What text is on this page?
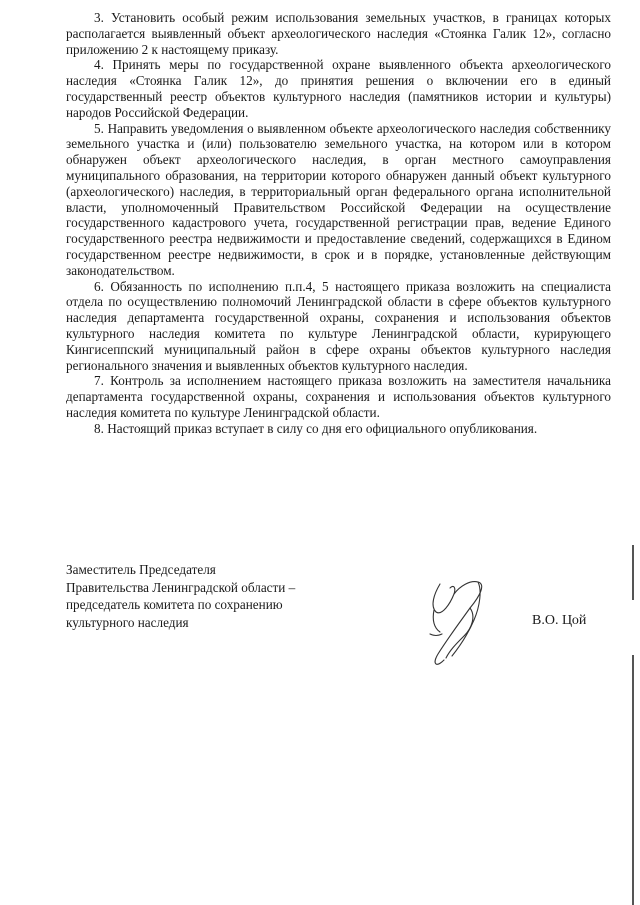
3. Установить особый режим использования земельных участков, в границах которых располагается выявленный объект археологического наследия «Стоянка Галик 12», согласно приложению 2 к настоящему приказу.

4. Принять меры по государственной охране выявленного объекта археологического наследия «Стоянка Галик 12», до принятия решения о включении его в единый государственный реестр объектов культурного наследия (памятников истории и культуры) народов Российской Федерации.

5. Направить уведомления о выявленном объекте археологического наследия собственнику земельного участка и (или) пользователю земельного участка, на котором или в котором обнаружен объект археологического наследия, в орган местного самоуправления муниципального образования, на территории которого обнаружен данный объект культурного (археологического) наследия, в территориальный орган федерального органа исполнительной власти, уполномоченный Правительством Российской Федерации на осуществление государственного кадастрового учета, государственной регистрации прав, ведение Единого государственного реестра недвижимости и предоставление сведений, содержащихся в Едином государственном реестре недвижимости, в срок и в порядке, установленные действующим законодательством.

6. Обязанность по исполнению п.п.4, 5 настоящего приказа возложить на специалиста отдела по осуществлению полномочий Ленинградской области в сфере объектов культурного наследия департамента государственной охраны, сохранения и использования объектов культурного наследия комитета по культуре Ленинградской области, курирующего Кингисеппский муниципальный район в сфере охраны объектов культурного наследия регионального значения и выявленных объектов культурного наследия.

7. Контроль за исполнением настоящего приказа возложить на заместителя начальника департамента государственной охраны, сохранения и использования объектов культурного наследия комитета по культуре Ленинградской области.

8. Настоящий приказ вступает в силу со дня его официального опубликования.

Заместитель Председателя
Правительства Ленинградской области –
председатель комитета по сохранению
культурного наследия	В.О. Цой
